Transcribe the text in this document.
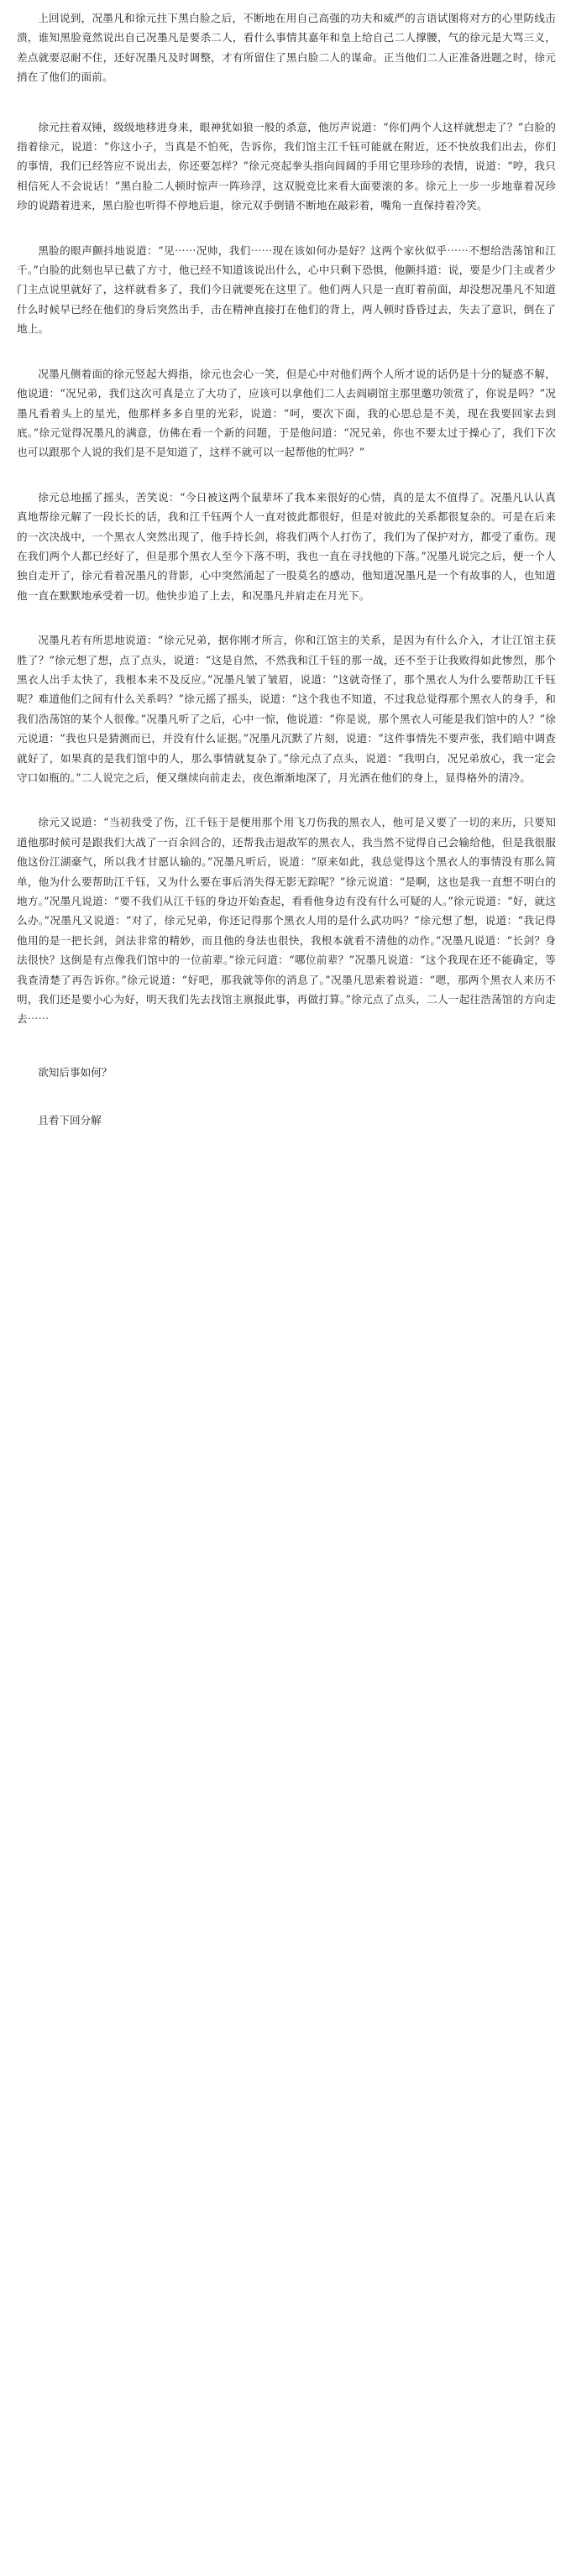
上回说到，况墨凡和徐元拄下黑白脸之后，不断地在用自己高强的功夫和威严的言语试图将对方的心里防线击溃，谁知黑脸竟然说出自己况墨凡是要杀二人，看什么事情其嘉年和皇上给自己二人撑腰，气的徐元是大骂三义，差点就要忍耐不住，还好况墨凡及时调整，才有所留住了黑白脸二人的谋命。正当他们二人正准备进题之时，徐元捎在了他们的面前。

徐元拄着双锤，级级地移进身来，眼神犹如狼一般的杀意，他厉声说道：“你们两个人这样就想走了？”白脸的指着徐元，说道：“你这小子，当真是不怕死，告诉你，我们馆主江千钰可能就在附近，还不快放我们出去，你们的事情，我们已经答应不说出去，你还要怎样？”徐元亮起拳头指向闾阔的手用它里珍珍的表情，说道：“哼，我只相信死人不会说话！”黑白脸二人顿时惊声一阵珍浮，这双脱竞比来看大面要滚的多。徐元上一步一步地靠着况珍珍的说踏着进来，黑白脸也听得不停地后退，徐元双手倒错不断地在敲彩着，嘴角一直保持着冷笑。

黑脸的眼声颤抖地说道：“见⋯⋯况帅，我们⋯⋯现在该如何办是好？这两个家伙似乎⋯⋯不想给浩荡馆和江千。”白脸的此刻也早已截了方寸，他已经不知道该说出什么，心中只剩下恐惧，他颤抖道：说，要是少门主或者少门主点说里就好了，这样就看多了，我们今日就要死在这里了。他们两人只是一直盯着前面，却没想况墨凡不知道什么时候早已经在他们的身后突然出手，击在精神直接打在他们的背上，两人顿时昏昏过去，失去了意识，倒在了地上。

况墨凡侧着面的徐元竖起大拇指，徐元也会心一笑，但是心中对他们两个人所才说的话仍是十分的疑惑不解，他说道：“况兄弟，我们这次可真是立了大功了，应该可以拿他们二人去阎刷馆主那里邀功领赏了，你说是吗？”况墨凡看着头上的星光，他那样多多自里的光彩，说道：“呵，要次下面，我的心思总是不美，现在我要回家去到底。”徐元觉得况墨凡的满意，仿佛在看一个新的问题，于是他问道：“况兄弟，你也不要太过于操心了，我们下次也可以跟那个人说的我们是不是知道了，这样不就可以一起帮他的忙吗？”

徐元总地摇了摇头，苦笑说：“今日被这两个鼠辈坏了我本来很好的心情，真的是太不值得了。况墨凡认认真真地帮徐元解了一段长长的话，我和江千钰两个人一直对彼此都很好，但是对彼此的关系都很复杂的。可是在后来的一次决战中，一个黑衣人突然出现了，他手持长剑，将我们两个人打伤了，我们为了保护对方，都受了重伤。现在我们两个人都已经好了，但是那个黑衣人至今下落不明，我也一直在寻找他的下落。”况墨凡说完之后，便一个人独自走开了，徐元看着况墨凡的背影，心中突然涌起了一股莫名的感动，他知道况墨凡是一个有故事的人，也知道他一直在默默地承受着一切。他快步追了上去，和况墨凡并肩走在月光下。

况墨凡若有所思地说道：“徐元兄弟，据你刚才所言，你和江馆主的关系，是因为有什么介入，才让江馆主获胜了？”徐元想了想，点了点头，说道：“这是自然，不然我和江千钰的那一战，还不至于让我败得如此惨烈，那个黑衣人出手太快了，我根本来不及反应。”况墨凡皱了皱眉，说道：“这就奇怪了，那个黑衣人为什么要帮助江千钰呢？难道他们之间有什么关系吗？”徐元摇了摇头，说道：“这个我也不知道，不过我总觉得那个黑衣人的身手，和我们浩荡馆的某个人很像。”况墨凡听了之后，心中一惊，他说道：“你是说，那个黑衣人可能是我们馆中的人？”徐元说道：“我也只是猜测而已，并没有什么证据。”况墨凡沉默了片刻，说道：“这件事情先不要声张，我们暗中调查就好了，如果真的是我们馆中的人，那么事情就复杂了。”徐元点了点头，说道：“我明白，况兄弟放心，我一定会守口如瓶的。”二人说完之后，便又继续向前走去，夜色渐渐地深了，月光洒在他们的身上，显得格外的清冷。

徐元又说道：“当初我受了伤，江千钰于是便用那个用飞刀伤我的黑衣人，他可是又要了一切的来历，只要知道他那时候可是跟我们大战了一百余回合的，还帮我击退敌军的黑衣人，我当然不觉得自己会输给他，但是我很服他这份江湖豪气，所以我才甘愿认输的。”况墨凡听后，说道：“原来如此，我总觉得这个黑衣人的事情没有那么简单，他为什么要帮助江千钰，又为什么要在事后消失得无影无踪呢？”徐元说道：“是啊，这也是我一直想不明白的地方。”况墨凡说道：“要不我们从江千钰的身边开始查起，看看他身边有没有什么可疑的人。”徐元说道：“好，就这么办。”况墨凡又说道：“对了，徐元兄弟，你还记得那个黑衣人用的是什么武功吗？”徐元想了想，说道：“我记得他用的是一把长剑，剑法非常的精妙，而且他的身法也很快，我根本就看不清他的动作。”况墨凡说道：“长剑？身法很快？这倒是有点像我们馆中的一位前辈。”徐元问道：“哪位前辈？”况墨凡说道：“这个我现在还不能确定，等我查清楚了再告诉你。”徐元说道：“好吧，那我就等你的消息了。”况墨凡思索着说道：“嗯，那两个黑衣人来历不明，我们还是要小心为好，明天我们先去找馆主禀报此事，再做打算。”徐元点了点头，二人一起往浩荡馆的方向走去⋯⋯

欲知后事如何？

且看下回分解
